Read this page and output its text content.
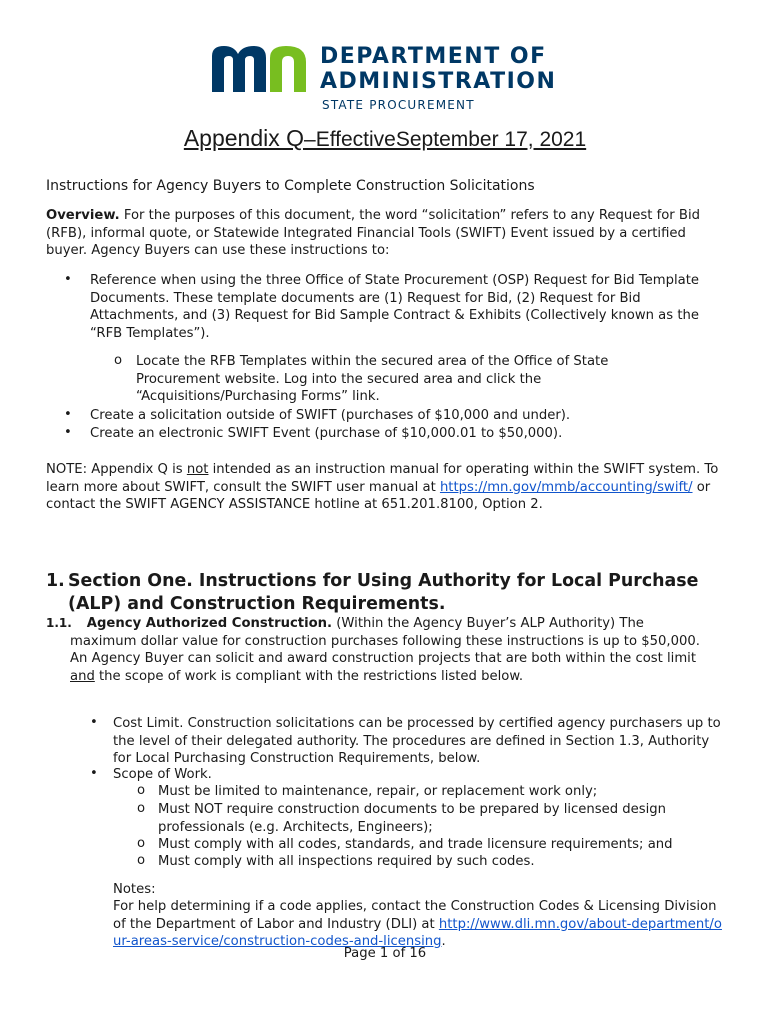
DEPARTMENT OF
ADMINISTRATION
STATE PROCUREMENT
Appendix Q–EffectiveSeptember 17, 2021
Instructions for Agency Buyers to Complete Construction Solicitations
Overview. For the purposes of this document, the word “solicitation” refers to any Request for Bid (RFB), informal quote, or Statewide Integrated Financial Tools (SWIFT) Event issued by a certified buyer. Agency Buyers can use these instructions to:
• Reference when using the three Office of State Procurement (OSP) Request for Bid Template Documents. These template documents are (1) Request for Bid, (2) Request for Bid Attachments, and (3) Request for Bid Sample Contract & Exhibits (Collectively known as the “RFB Templates”).
o Locate the RFB Templates within the secured area of the Office of State Procurement website. Log into the secured area and click the “Acquisitions/Purchasing Forms” link.
• Create a solicitation outside of SWIFT (purchases of $10,000 and under).
• Create an electronic SWIFT Event (purchase of $10,000.01 to $50,000).
NOTE: Appendix Q is not intended as an instruction manual for operating within the SWIFT system. To learn more about SWIFT, consult the SWIFT user manual at https://mn.gov/mmb/accounting/swift/ or contact the SWIFT AGENCY ASSISTANCE hotline at 651.201.8100, Option 2.
1. Section One. Instructions for Using Authority for Local Purchase (ALP) and Construction Requirements.
1.1.	Agency Authorized Construction. (Within the Agency Buyer’s ALP Authority) The maximum dollar value for construction purchases following these instructions is up to $50,000. An Agency Buyer can solicit and award construction projects that are both within the cost limit and the scope of work is compliant with the restrictions listed below.
• Cost Limit. Construction solicitations can be processed by certified agency purchasers up to the level of their delegated authority. The procedures are defined in Section 1.3, Authority for Local Purchasing Construction Requirements, below.
• Scope of Work.
o Must be limited to maintenance, repair, or replacement work only;
o Must NOT require construction documents to be prepared by licensed design professionals (e.g. Architects, Engineers);
o Must comply with all codes, standards, and trade licensure requirements; and
o Must comply with all inspections required by such codes.
Notes:
For help determining if a code applies, contact the Construction Codes & Licensing Division of the Department of Labor and Industry (DLI) at http://www.dli.mn.gov/about-department/our-areas-service/construction-codes-and-licensing.
Page 1 of 16
